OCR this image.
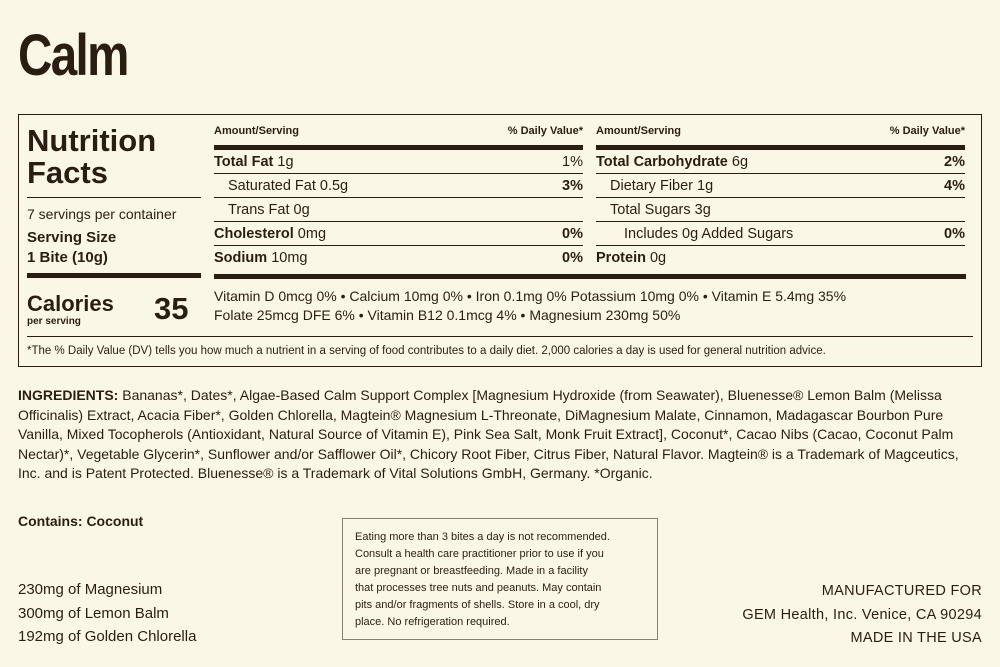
Calm
Nutrition
Facts
7 servings per container
Serving Size
1 Bite (10g)
Calories
per serving 35
Amount/Serving	% Daily Value*
Total Fat 1g	1%
Saturated Fat 0.5g	3%
Trans Fat 0g
Cholesterol 0mg	0%
Sodium 10mg	0%
Amount/Serving	% Daily Value*
Total Carbohydrate 6g	2%
Dietary Fiber 1g	4%
Total Sugars 3g
Includes 0g Added Sugars	0%
Protein 0g
Vitamin D 0mcg 0% • Calcium 10mg 0% • Iron 0.1mg 0% Potassium 10mg 0% • Vitamin E 5.4mg 35%
Folate 25mcg DFE 6% • Vitamin B12 0.1mcg 4% • Magnesium 230mg 50%
*The % Daily Value (DV) tells you how much a nutrient in a serving of food contributes to a daily diet. 2,000 calories a day is used for general nutrition advice.
INGREDIENTS: Bananas*, Dates*, Algae-Based Calm Support Complex [Magnesium Hydroxide (from Seawater), Bluenesse® Lemon Balm (Melissa Officinalis) Extract, Acacia Fiber*, Golden Chlorella, Magtein® Magnesium L-Threonate, DiMagnesium Malate, Cinnamon, Madagascar Bourbon Pure Vanilla, Mixed Tocopherols (Antioxidant, Natural Source of Vitamin E), Pink Sea Salt, Monk Fruit Extract], Coconut*, Cacao Nibs (Cacao, Coconut Palm Nectar)*, Vegetable Glycerin*, Sunflower and/or Safflower Oil*, Chicory Root Fiber, Citrus Fiber, Natural Flavor. Magtein® is a Trademark of Magceutics, Inc. and is Patent Protected. Bluenesse® is a Trademark of Vital Solutions GmbH, Germany. *Organic.
Contains: Coconut
230mg of Magnesium
300mg of Lemon Balm
192mg of Golden Chlorella
Eating more than 3 bites a day is not recommended.
Consult a health care practitioner prior to use if you
are pregnant or breastfeeding. Made in a facility
that processes tree nuts and peanuts. May contain
pits and/or fragments of shells. Store in a cool, dry
place. No refrigeration required.
MANUFACTURED FOR
GEM Health, Inc. Venice, CA 90294
MADE IN THE USA
